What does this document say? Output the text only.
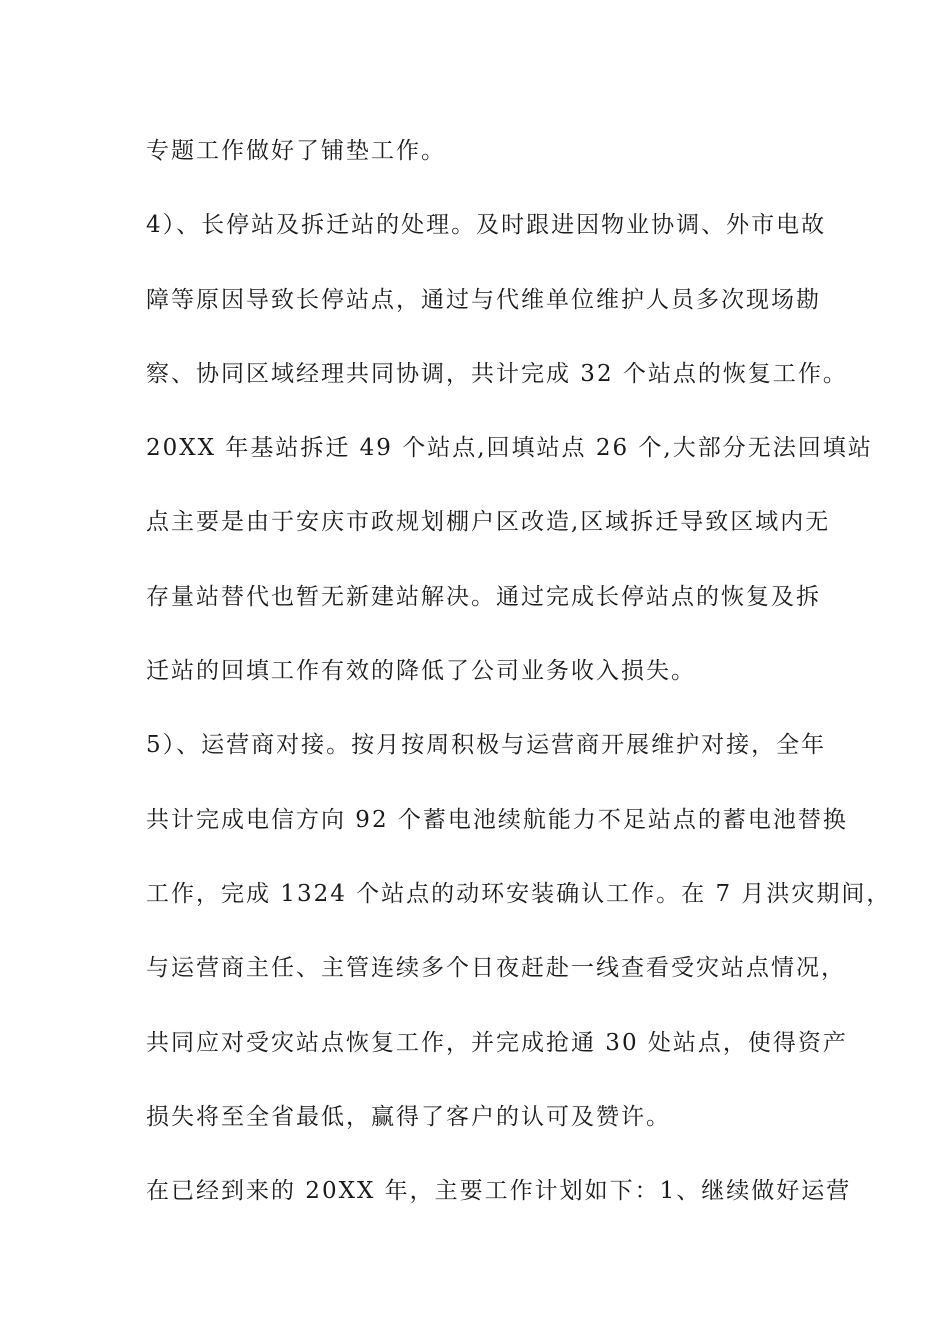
专题工作做好了铺垫工作。
4）、长停站及拆迁站的处理。及时跟进因物业协调、外市电故
障等原因导致长停站点，通过与代维单位维护人员多次现场勘
察、协同区域经理共同协调，共计完成 32 个站点的恢复工作。
20XX 年基站拆迁 49 个站点,回填站点 26 个,大部分无法回填站
点主要是由于安庆市政规划棚户区改造,区域拆迁导致区域内无
存量站替代也暂无新建站解决。通过完成长停站点的恢复及拆
迁站的回填工作有效的降低了公司业务收入损失。
5）、运营商对接。按月按周积极与运营商开展维护对接，全年
共计完成电信方向 92 个蓄电池续航能力不足站点的蓄电池替换
工作，完成 1324 个站点的动环安装确认工作。在 7 月洪灾期间，
与运营商主任、主管连续多个日夜赶赴一线查看受灾站点情况，
共同应对受灾站点恢复工作，并完成抢通 30 处站点，使得资产
损失将至全省最低，赢得了客户的认可及赞许。
在已经到来的 20XX 年，主要工作计划如下：1、继续做好运营
